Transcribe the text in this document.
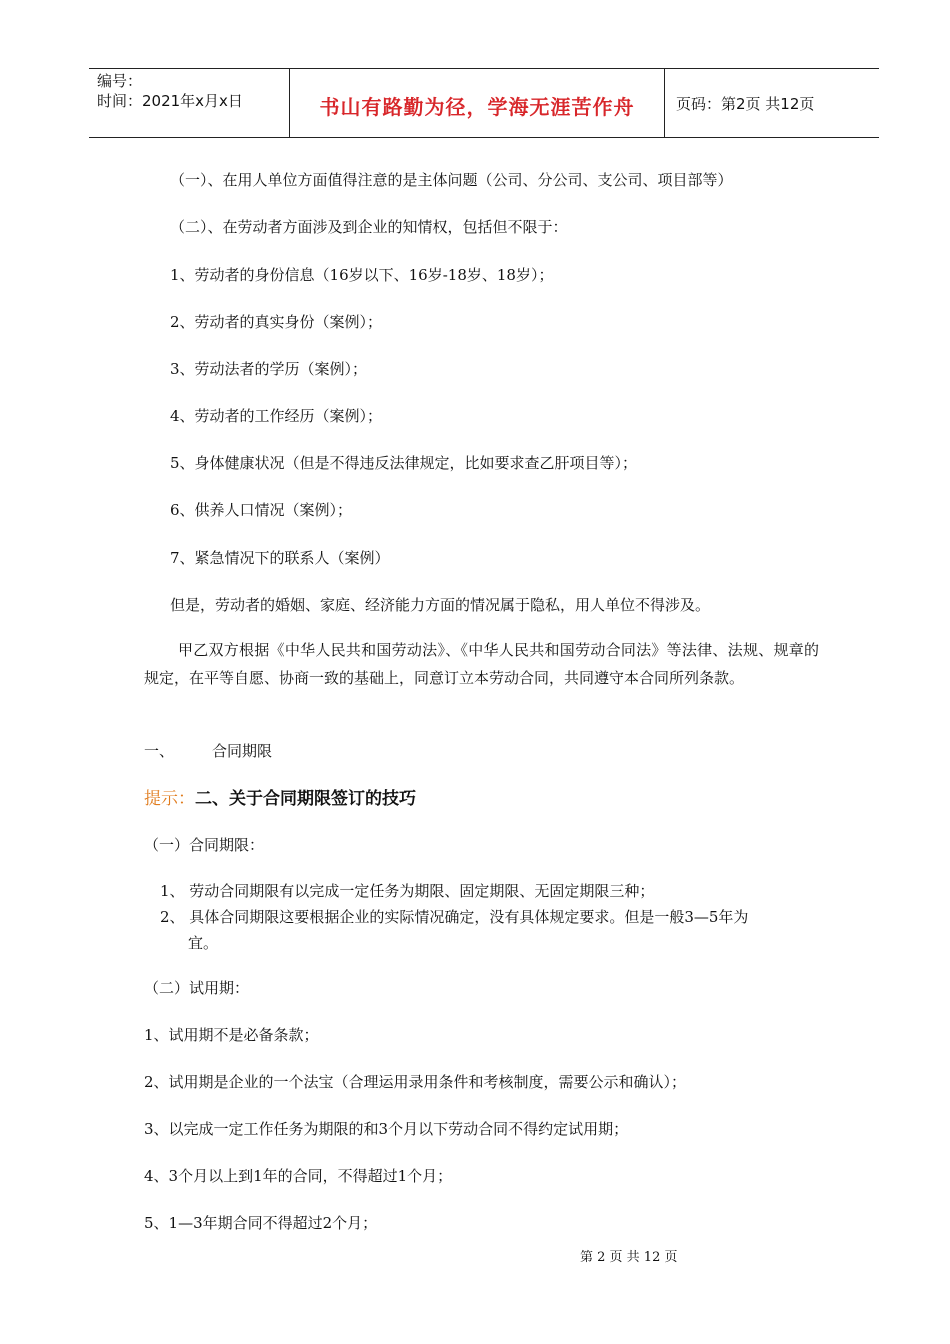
编号：
时间：2021年x月x日	书山有路勤为径，学海无涯苦作舟	页码：第2页 共12页
（一）、在用人单位方面值得注意的是主体问题（公司、分公司、支公司、项目部等）
（二）、在劳动者方面涉及到企业的知情权，包括但不限于：
1、劳动者的身份信息（16岁以下、16岁-18岁、18岁）；
2、劳动者的真实身份（案例）；
3、劳动法者的学历（案例）；
4、劳动者的工作经历（案例）；
5、身体健康状况（但是不得违反法律规定，比如要求查乙肝项目等）；
6、供养人口情况（案例）；
7、紧急情况下的联系人（案例）
但是，劳动者的婚姻、家庭、经济能力方面的情况属于隐私，用人单位不得涉及。
甲乙双方根据《中华人民共和国劳动法》、《中华人民共和国劳动合同法》等法律、法规、规章的规定，在平等自愿、协商一致的基础上，同意订立本劳动合同，共同遵守本合同所列条款。
一、	合同期限
提示：二、关于合同期限签订的技巧
（一）合同期限：
1、 劳动合同期限有以完成一定任务为期限、固定期限、无固定期限三种；
2、 具体合同期限这要根据企业的实际情况确定，没有具体规定要求。但是一般3—5年为
宜。
（二）试用期：
1、试用期不是必备条款；
2、试用期是企业的一个法宝（合理运用录用条件和考核制度，需要公示和确认）；
3、以完成一定工作任务为期限的和3个月以下劳动合同不得约定试用期；
4、3个月以上到1年的合同，不得超过1个月；
5、1—3年期合同不得超过2个月；
第 2 页 共 12 页
